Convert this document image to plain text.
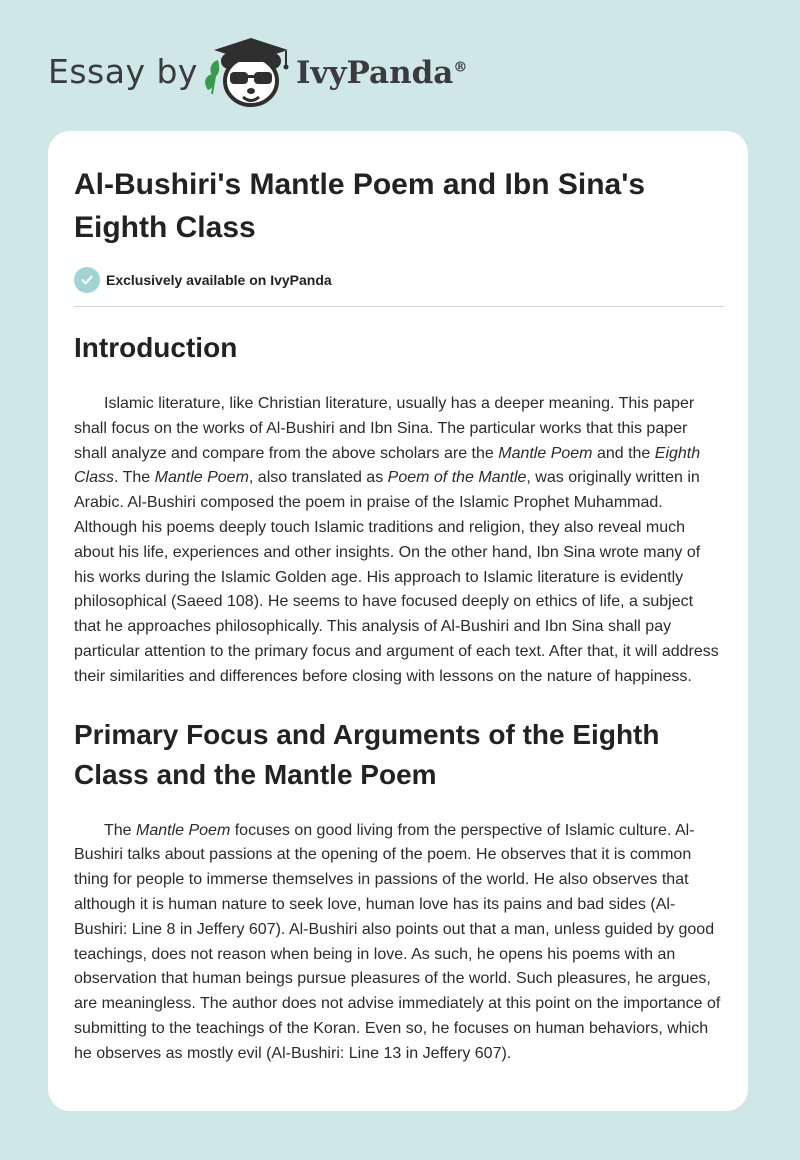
Essay by	IvyPanda®
Al-Bushiri's Mantle Poem and Ibn Sina's Eighth Class
Exclusively available on IvyPanda
Introduction

Islamic literature, like Christian literature, usually has a deeper meaning. This paper shall focus on the works of Al-Bushiri and Ibn Sina. The particular works that this paper shall analyze and compare from the above scholars are the Mantle Poem and the Eighth Class. The Mantle Poem, also translated as Poem of the Mantle, was originally written in Arabic. Al-Bushiri composed the poem in praise of the Islamic Prophet Muhammad. Although his poems deeply touch Islamic traditions and religion, they also reveal much about his life, experiences and other insights. On the other hand, Ibn Sina wrote many of his works during the Islamic Golden age. His approach to Islamic literature is evidently philosophical (Saeed 108). He seems to have focused deeply on ethics of life, a subject that he approaches philosophically. This analysis of Al-Bushiri and Ibn Sina shall pay particular attention to the primary focus and argument of each text. After that, it will address their similarities and differences before closing with lessons on the nature of happiness.

Primary Focus and Arguments of the Eighth Class and the Mantle Poem

The Mantle Poem focuses on good living from the perspective of Islamic culture. Al-Bushiri talks about passions at the opening of the poem. He observes that it is common thing for people to immerse themselves in passions of the world. He also observes that although it is human nature to seek love, human love has its pains and bad sides (Al-Bushiri: Line 8 in Jeffery 607). Al-Bushiri also points out that a man, unless guided by good teachings, does not reason when being in love. As such, he opens his poems with an observation that human beings pursue pleasures of the world. Such pleasures, he argues, are meaningless. The author does not advise immediately at this point on the importance of submitting to the teachings of the Koran. Even so, he focuses on human behaviors, which he observes as mostly evil (Al-Bushiri: Line 13 in Jeffery 607).
